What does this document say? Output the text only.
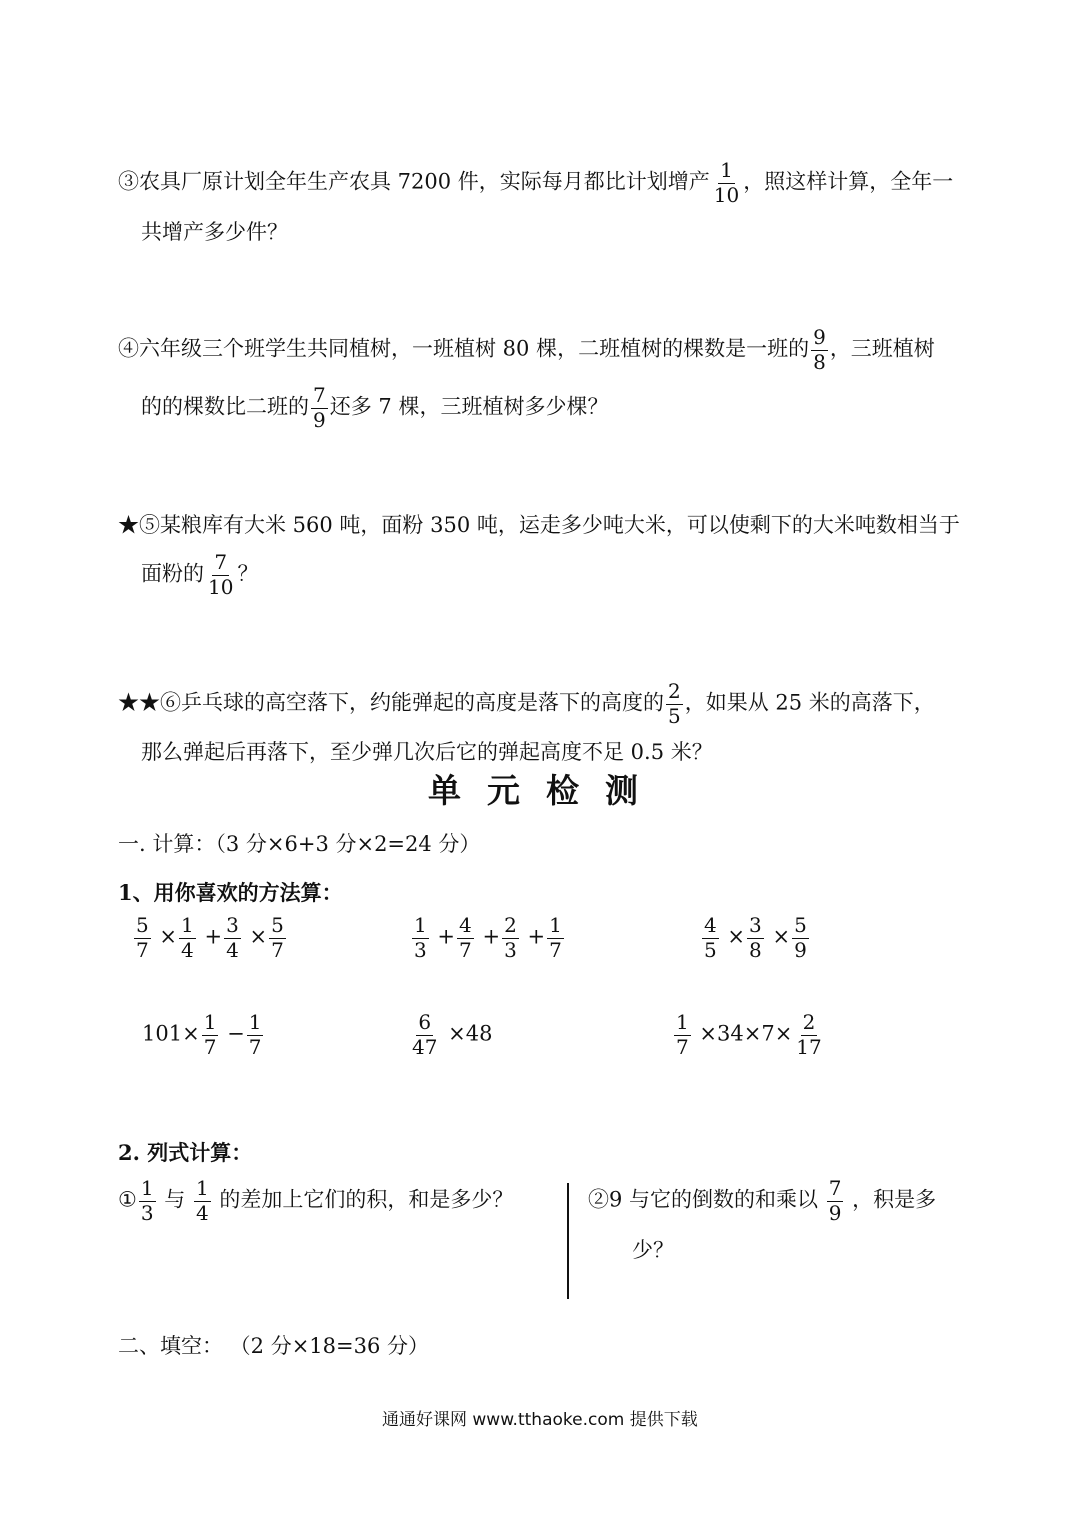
③农具厂原计划全年生产农具 7200 件，实际每月都比计划增产 $\frac{1}{10}$ ，照这样计算，全年一
共增产多少件？
④六年级三个班学生共同植树，一班植树 80 棵，二班植树的棵数是一班的 $\frac{9}{8}$ ，三班植树
的的棵数比二班的 $\frac{7}{9}$ 还多 7 棵，三班植树多少棵？
★⑤某粮库有大米 560 吨，面粉 350 吨，运走多少吨大米，可以使剩下的大米吨数相当于
面粉的 $\frac{7}{10}$ ？
★★⑥乒乓球的高空落下，约能弹起的高度是落下的高度的 $\frac{2}{5}$ ，如果从 25 米的高落下，
那么弹起后再落下，至少弹几次后它的弹起高度不足 0.5 米？
单元检测
一. 计算：（3 分×6+3 分×2=24 分）
1、用你喜欢的方法算：
$\frac{5}{7} \times \frac{1}{4} + \frac{3}{4} \times \frac{5}{7}$	$\frac{1}{3} + \frac{4}{7} + \frac{2}{3} + \frac{1}{7}$	$\frac{4}{5} \times \frac{3}{8} \times \frac{5}{9}$
$101\times \frac{1}{7} - \frac{1}{7}$	$\frac{6}{47} \times 48$	$\frac{1}{7} \times 34\times 7\times \frac{2}{17}$
2. 列式计算：
① $\frac{1}{3}$ 与 $\frac{1}{4}$ 的差加上它们的积，和是多少？	②9 与它的倒数的和乘以 $\frac{7}{9}$ ，积是多
少？
二、填空： （2 分×18=36 分）
通通好课网 www.tthaoke.com 提供下载
